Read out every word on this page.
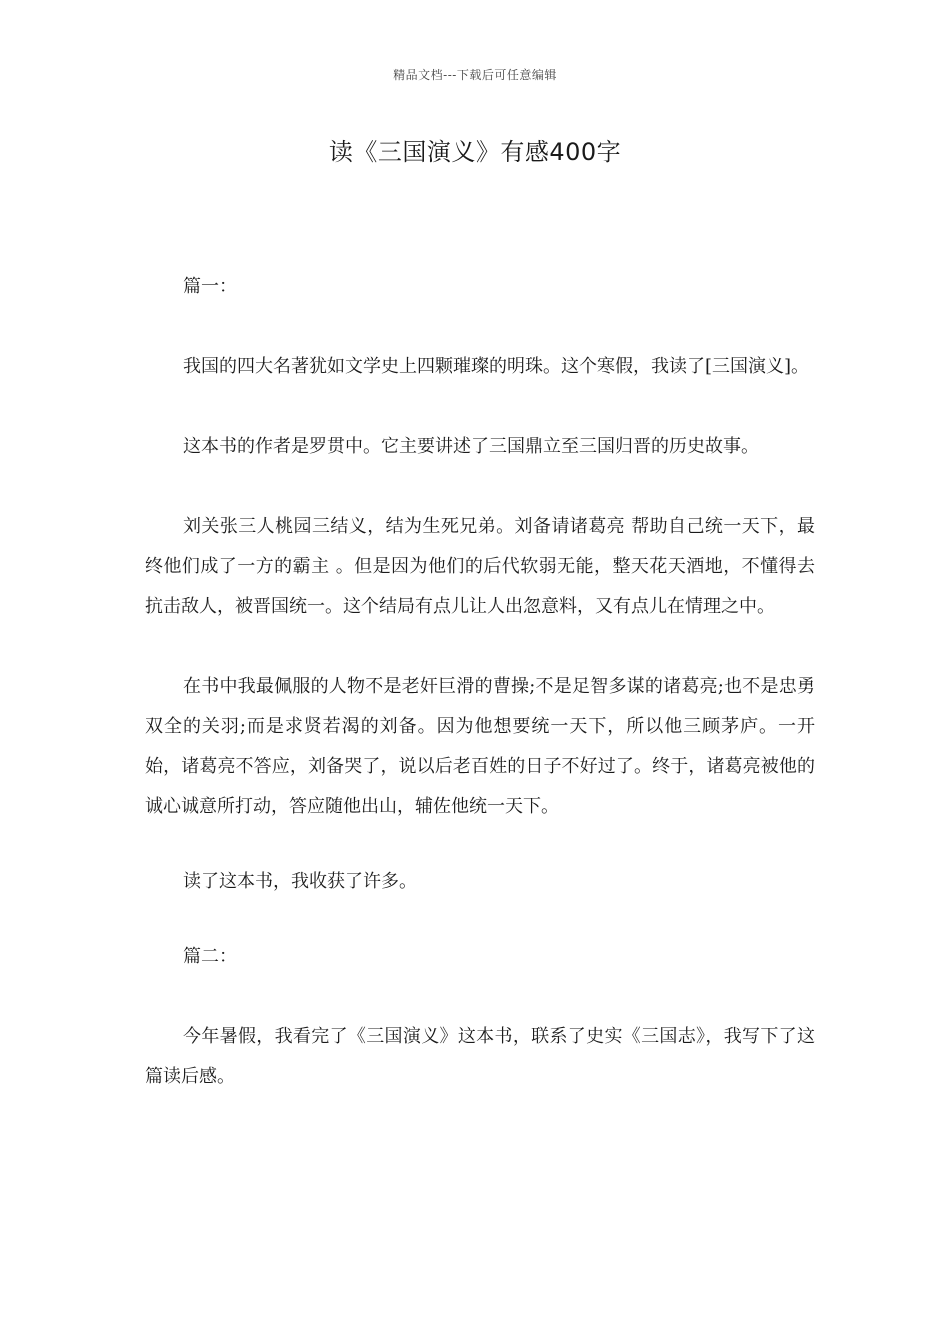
精品文档---下载后可任意编辑
读《三国演义》有感400字

篇一：

我国的四大名著犹如文学史上四颗璀璨的明珠。这个寒假，我读了[三国演义]。

这本书的作者是罗贯中。它主要讲述了三国鼎立至三国归晋的历史故事。

刘关张三人桃园三结义，结为生死兄弟。刘备请诸葛亮 帮助自己统一天下，最终他们成了一方的霸主 。但是因为他们的后代软弱无能，整天花天酒地，不懂得去抗击敌人，被晋国统一。这个结局有点儿让人出忽意料，又有点儿在情理之中。

在书中我最佩服的人物不是老奸巨滑的曹操;不是足智多谋的诸葛亮;也不是忠勇双全的关羽;而是求贤若渴的刘备。因为他想要统一天下，所以他三顾茅庐。一开始，诸葛亮不答应，刘备哭了，说以后老百姓的日子不好过了。终于，诸葛亮被他的诚心诚意所打动，答应随他出山，辅佐他统一天下。

读了这本书，我收获了许多。

篇二：

今年暑假，我看完了《三国演义》这本书，联系了史实《三国志》，我写下了这篇读后感。
